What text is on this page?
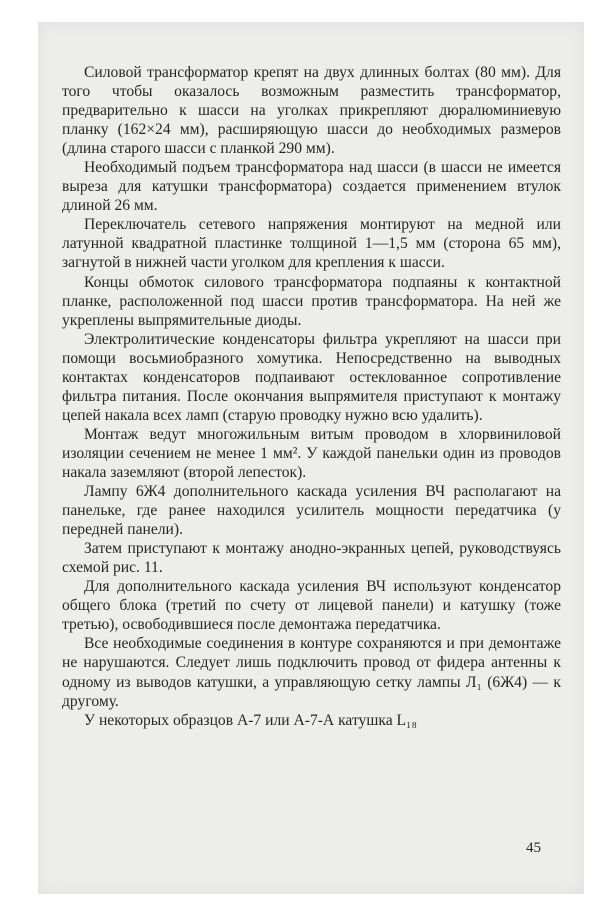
Силовой трансформатор крепят на двух длинных болтах (80 мм). Для того чтобы оказалось возможным разместить трансформатор, предварительно к шасси на уголках прикрепляют дюралюминиевую планку (162×24 мм), расширяющую шасси до необходимых размеров (длина старого шасси с планкой 290 мм).

Необходимый подъем трансформатора над шасси (в шасси не имеется выреза для катушки трансформатора) создается применением втулок длиной 26 мм.

Переключатель сетевого напряжения монтируют на медной или латунной квадратной пластинке толщиной 1—1,5 мм (сторона 65 мм), загнутой в нижней части уголком для крепления к шасси.

Концы обмоток силового трансформатора подпаяны к контактной планке, расположенной под шасси против трансформатора. На ней же укреплены выпрямительные диоды.

Электролитические конденсаторы фильтра укрепляют на шасси при помощи восьмиобразного хомутика. Непосредственно на выводных контактах конденсаторов подпаивают остеклованное сопротивление фильтра питания. После окончания выпрямителя приступают к монтажу цепей накала всех ламп (старую проводку нужно всю удалить).

Монтаж ведут многожильным витым проводом в хлорвиниловой изоляции сечением не менее 1 мм². У каждой панельки один из проводов накала заземляют (второй лепесток).

Лампу 6Ж4 дополнительного каскада усиления ВЧ располагают на панельке, где ранее находился усилитель мощности передатчика (у передней панели).

Затем приступают к монтажу анодно-экранных цепей, руководствуясь схемой рис. 11.

Для дополнительного каскада усиления ВЧ используют конденсатор общего блока (третий по счету от лицевой панели) и катушку (тоже третью), освободившиеся после демонтажа передатчика.

Все необходимые соединения в контуре сохраняются и при демонтаже не нарушаются. Следует лишь подключить провод от фидера антенны к одному из выводов катушки, а управляющую сетку лампы Л₁ (6Ж4) — к другому.

У некоторых образцов А-7 или А-7-А катушка L₁₈

45
